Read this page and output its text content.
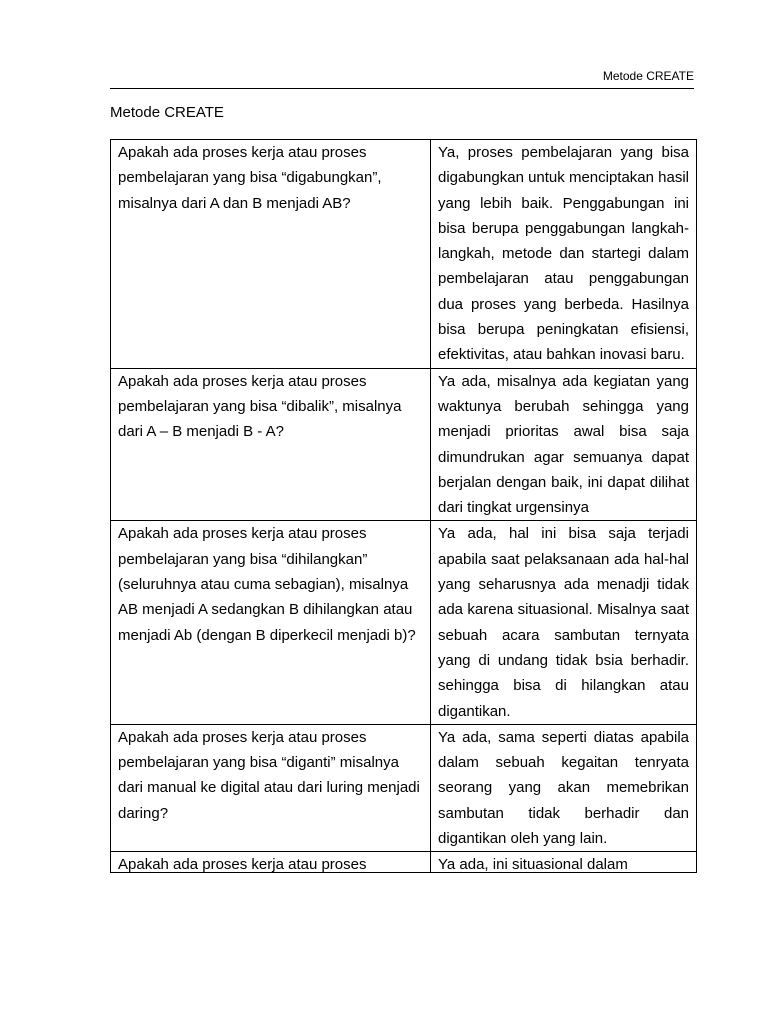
Metode CREATE
Metode CREATE

Apakah ada proses kerja atau proses pembelajaran yang bisa “digabungkan”, misalnya dari A dan B menjadi AB?	Ya, proses pembelajaran yang bisa digabungkan untuk menciptakan hasil yang lebih baik. Penggabungan ini bisa berupa penggabungan langkah-langkah, metode dan startegi dalam pembelajaran atau penggabungan dua proses yang berbeda. Hasilnya bisa berupa peningkatan efisiensi, efektivitas, atau bahkan inovasi baru.

Apakah ada proses kerja atau proses pembelajaran yang bisa “dibalik”, misalnya dari A – B menjadi B - A?	Ya ada, misalnya ada kegiatan yang waktunya berubah sehingga yang menjadi prioritas awal bisa saja dimundrukan agar semuanya dapat berjalan dengan baik, ini dapat dilihat dari tingkat urgensinya

Apakah ada proses kerja atau proses pembelajaran yang bisa “dihilangkan” (seluruhnya atau cuma sebagian), misalnya AB menjadi A sedangkan B dihilangkan atau menjadi Ab (dengan B diperkecil menjadi b)?	Ya ada, hal ini bisa saja terjadi apabila saat pelaksanaan ada hal-hal yang seharusnya ada menadji tidak ada karena situasional. Misalnya saat sebuah acara sambutan ternyata yang di undang tidak bsia berhadir. sehingga bisa di hilangkan atau digantikan.

Apakah ada proses kerja atau proses pembelajaran yang bisa “diganti” misalnya dari manual ke digital atau dari luring menjadi daring?	Ya ada, sama seperti diatas apabila dalam sebuah kegaitan tenryata seorang yang akan memebrikan sambutan tidak berhadir dan digantikan oleh yang lain.

Apakah ada proses kerja atau proses	Ya ada, ini situasional dalam
